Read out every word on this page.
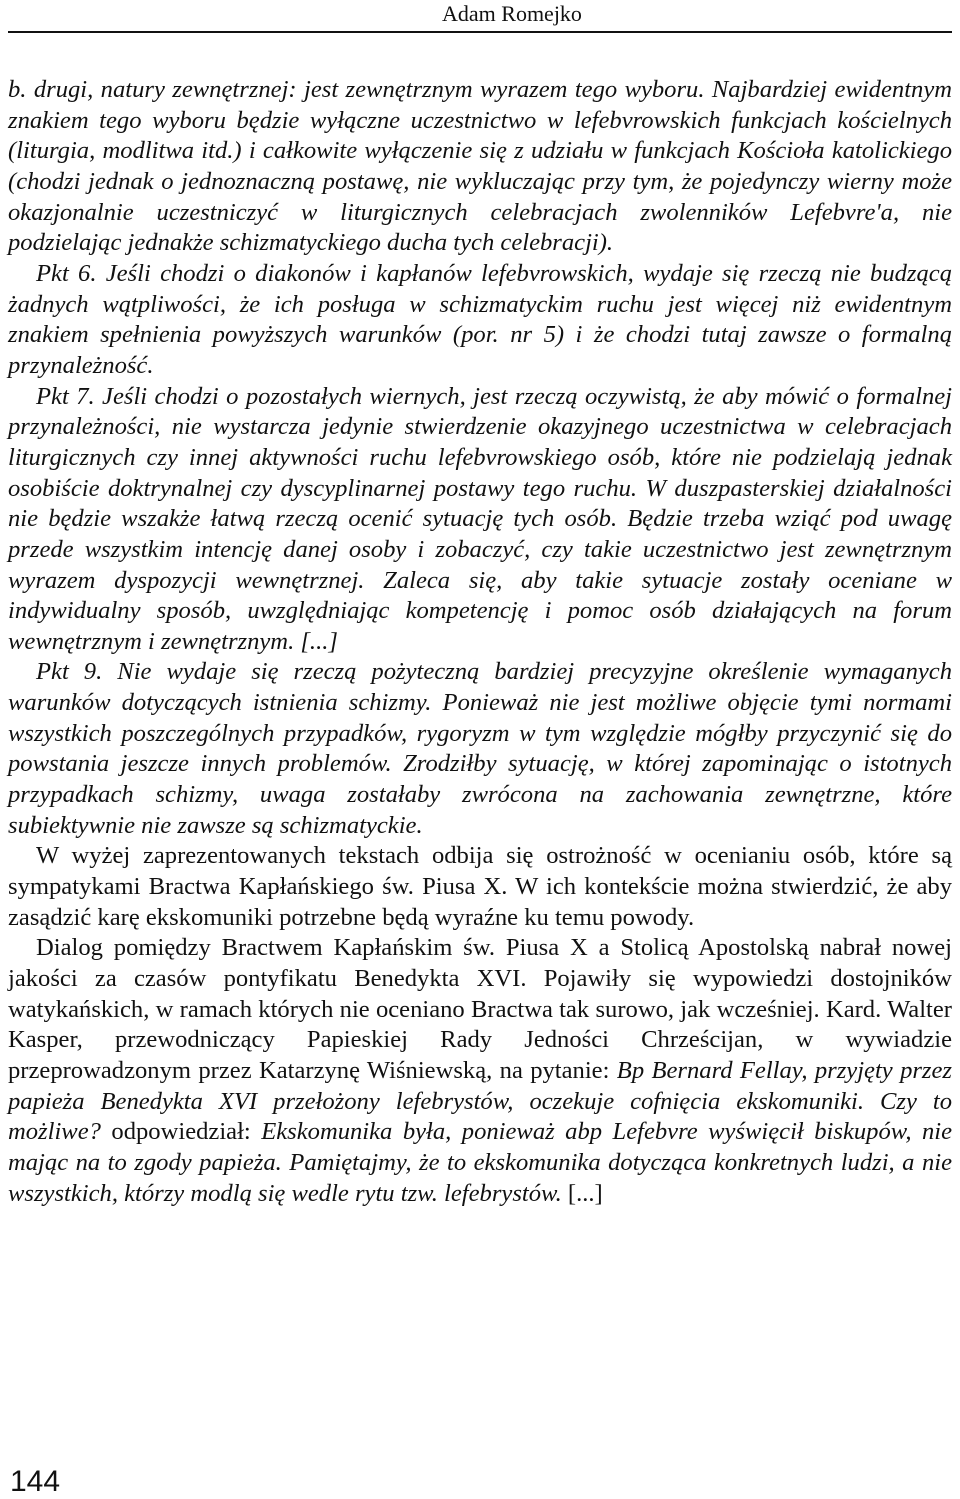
Adam Romejko

b. drugi, natury zewnętrznej: jest zewnętrznym wyrazem tego wyboru. Najbardziej ewidentnym znakiem tego wyboru będzie wyłączne uczestnictwo w lefebvrowskich funkcjach kościelnych (liturgia, modlitwa itd.) i całkowite wyłączenie się z udziału w funkcjach Kościoła katolickiego (chodzi jednak o jednoznaczną postawę, nie wykluczając przy tym, że pojedynczy wierny może okazjonalnie uczestniczyć w liturgicznych celebracjach zwolenników Lefebvre'a, nie podzielając jednakże schizmatyckiego ducha tych celebracji).

Pkt 6. Jeśli chodzi o diakonów i kapłanów lefebvrowskich, wydaje się rzeczą nie budzącą żadnych wątpliwości, że ich posługa w schizmatyckim ruchu jest więcej niż ewidentnym znakiem spełnienia powyższych warunków (por. nr 5) i że chodzi tutaj zawsze o formalną przynależność.

Pkt 7. Jeśli chodzi o pozostałych wiernych, jest rzeczą oczywistą, że aby mówić o formalnej przynależności, nie wystarcza jedynie stwierdzenie okazyjnego uczestnictwa w celebracjach liturgicznych czy innej aktywności ruchu lefebvrowskiego osób, które nie podzielają jednak osobiście doktrynalnej czy dyscyplinarnej postawy tego ruchu. W duszpasterskiej działalności nie będzie wszakże łatwą rzeczą ocenić sytuację tych osób. Będzie trzeba wziąć pod uwagę przede wszystkim intencję danej osoby i zobaczyć, czy takie uczestnictwo jest zewnętrznym wyrazem dyspozycji wewnętrznej. Zaleca się, aby takie sytuacje zostały oceniane w indywidualny sposób, uwzględniając kompetencję i pomoc osób działających na forum wewnętrznym i zewnętrznym. [...]

Pkt 9. Nie wydaje się rzeczą pożyteczną bardziej precyzyjne określenie wymaganych warunków dotyczących istnienia schizmy. Ponieważ nie jest możliwe objęcie tymi normami wszystkich poszczególnych przypadków, rygoryzm w tym względzie mógłby przyczynić się do powstania jeszcze innych problemów. Zrodziłby sytuację, w której zapominając o istotnych przypadkach schizmy, uwaga zostałaby zwrócona na zachowania zewnętrzne, które subiektywnie nie zawsze są schizmatyckie.

W wyżej zaprezentowanych tekstach odbija się ostrożność w ocenianiu osób, które są sympatykami Bractwa Kapłańskiego św. Piusa X. W ich kontekście można stwierdzić, że aby zasądzić karę ekskomuniki potrzebne będą wyraźne ku temu powody.

Dialog pomiędzy Bractwem Kapłańskim św. Piusa X a Stolicą Apostolską nabrał nowej jakości za czasów pontyfikatu Benedykta XVI. Pojawiły się wypowiedzi dostojników watykańskich, w ramach których nie oceniano Bractwa tak surowo, jak wcześniej. Kard. Walter Kasper, przewodniczący Papieskiej Rady Jedności Chrześcijan, w wywiadzie przeprowadzonym przez Katarzynę Wiśniewską, na pytanie: Bp Bernard Fellay, przyjęty przez papieża Benedykta XVI przełożony lefebrystów, oczekuje cofnięcia ekskomuniki. Czy to możliwe? odpowiedział: Ekskomunika była, ponieważ abp Lefebvre wyświęcił biskupów, nie mając na to zgody papieża. Pamiętajmy, że to ekskomunika dotycząca konkretnych ludzi, a nie wszystkich, którzy modlą się wedle rytu tzw. lefebrystów. [...]

144
